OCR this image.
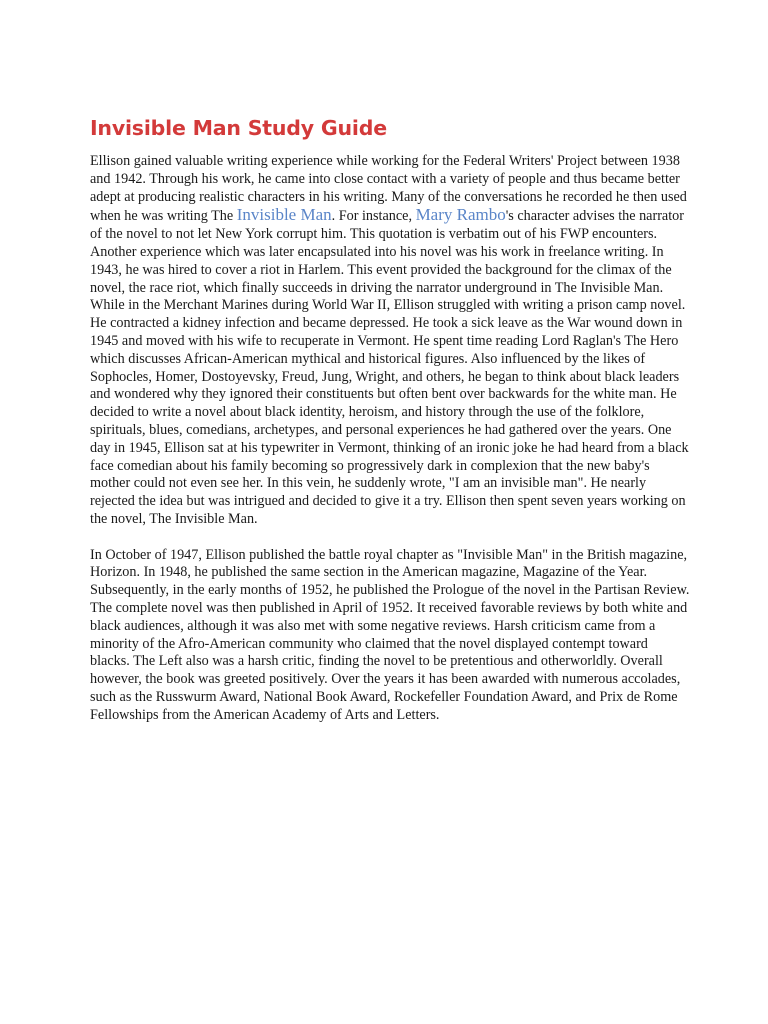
Invisible Man Study Guide

Ellison gained valuable writing experience while working for the Federal Writers' Project between 1938 and 1942. Through his work, he came into close contact with a variety of people and thus became better adept at producing realistic characters in his writing. Many of the conversations he recorded he then used when he was writing The Invisible Man. For instance, Mary Rambo's character advises the narrator of the novel to not let New York corrupt him. This quotation is verbatim out of his FWP encounters. Another experience which was later encapsulated into his novel was his work in freelance writing. In 1943, he was hired to cover a riot in Harlem. This event provided the background for the climax of the novel, the race riot, which finally succeeds in driving the narrator underground in The Invisible Man.

While in the Merchant Marines during World War II, Ellison struggled with writing a prison camp novel. He contracted a kidney infection and became depressed. He took a sick leave as the War wound down in 1945 and moved with his wife to recuperate in Vermont. He spent time reading Lord Raglan's The Hero which discusses African-American mythical and historical figures. Also influenced by the likes of Sophocles, Homer, Dostoyevsky, Freud, Jung, Wright, and others, he began to think about black leaders and wondered why they ignored their constituents but often bent over backwards for the white man. He decided to write a novel about black identity, heroism, and history through the use of the folklore, spirituals, blues, comedians, archetypes, and personal experiences he had gathered over the years. One day in 1945, Ellison sat at his typewriter in Vermont, thinking of an ironic joke he had heard from a black face comedian about his family becoming so progressively dark in complexion that the new baby's mother could not even see her. In this vein, he suddenly wrote, "I am an invisible man". He nearly rejected the idea but was intrigued and decided to give it a try. Ellison then spent seven years working on the novel, The Invisible Man.

In October of 1947, Ellison published the battle royal chapter as "Invisible Man" in the British magazine, Horizon. In 1948, he published the same section in the American magazine, Magazine of the Year. Subsequently, in the early months of 1952, he published the Prologue of the novel in the Partisan Review. The complete novel was then published in April of 1952. It received favorable reviews by both white and black audiences, although it was also met with some negative reviews. Harsh criticism came from a minority of the Afro-American community who claimed that the novel displayed contempt toward blacks. The Left also was a harsh critic, finding the novel to be pretentious and otherworldly. Overall however, the book was greeted positively. Over the years it has been awarded with numerous accolades, such as the Russwurm Award, National Book Award, Rockefeller Foundation Award, and Prix de Rome Fellowships from the American Academy of Arts and Letters.
